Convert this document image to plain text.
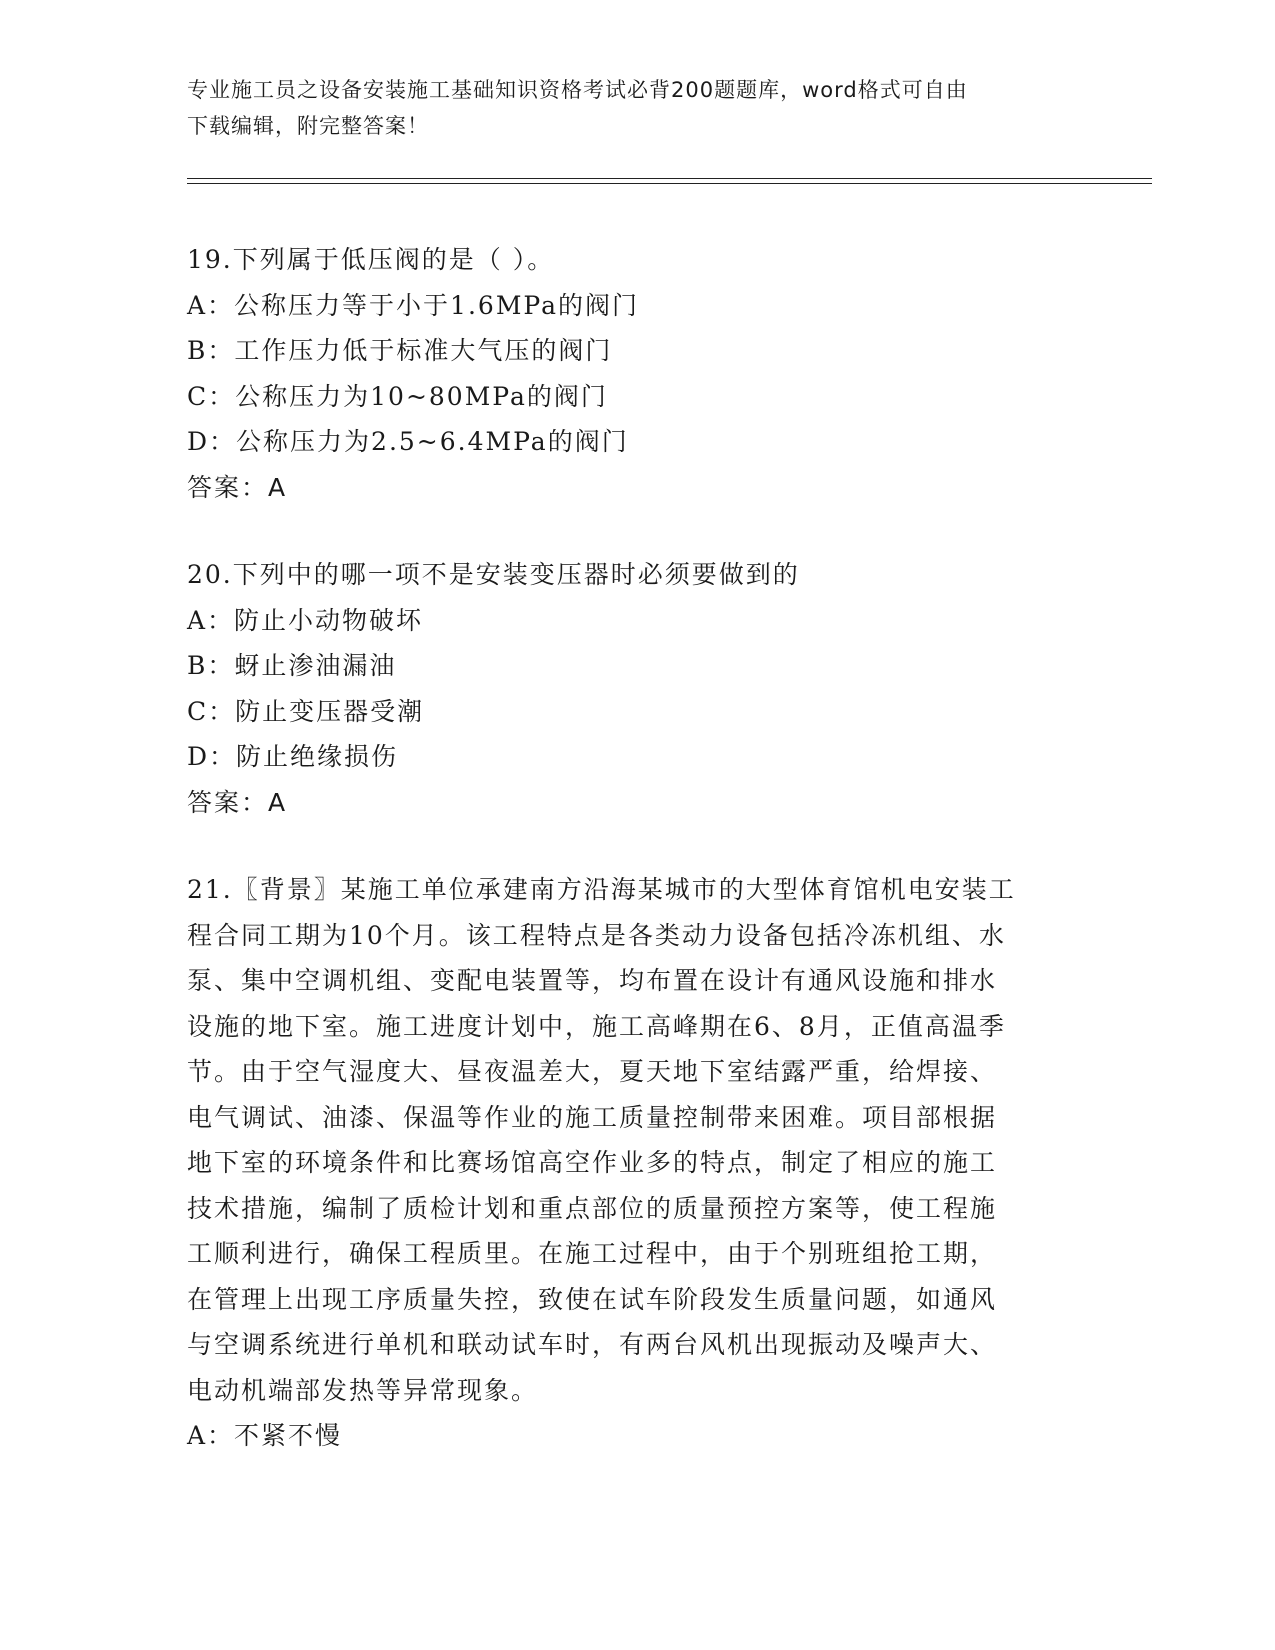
专业施工员之设备安装施工基础知识资格考试必背200题题库，word格式可自由
下载编辑，附完整答案！
19.下列属于低压阀的是（ ）。
A：公称压力等于小于1.6MPa的阀门
B：工作压力低于标准大气压的阀门
C：公称压力为10~80MPa的阀门
D：公称压力为2.5~6.4MPa的阀门
答案：A
20.下列中的哪一项不是安装变压器时必须要做到的
A：防止小动物破坏
B：蚜止渗油漏油
C：防止变压器受潮
D：防止绝缘损伤
答案：A
21.〖背景〗某施工单位承建南方沿海某城市的大型体育馆机电安装工
程合同工期为10个月。该工程特点是各类动力设备包括冷冻机组、水
泵、集中空调机组、变配电装置等，均布置在设计有通风设施和排水
设施的地下室。施工进度计划中，施工高峰期在6、8月，正值高温季
节。由于空气湿度大、昼夜温差大，夏天地下室结露严重，给焊接、
电气调试、油漆、保温等作业的施工质量控制带来困难。项目部根据
地下室的环境条件和比赛场馆高空作业多的特点，制定了相应的施工
技术措施，编制了质检计划和重点部位的质量预控方案等，使工程施
工顺利进行，确保工程质里。在施工过程中，由于个别班组抢工期，
在管理上出现工序质量失控，致使在试车阶段发生质量问题，如通风
与空调系统进行单机和联动试车时，有两台风机出现振动及噪声大、
电动机端部发热等异常现象。
A：不紧不慢
